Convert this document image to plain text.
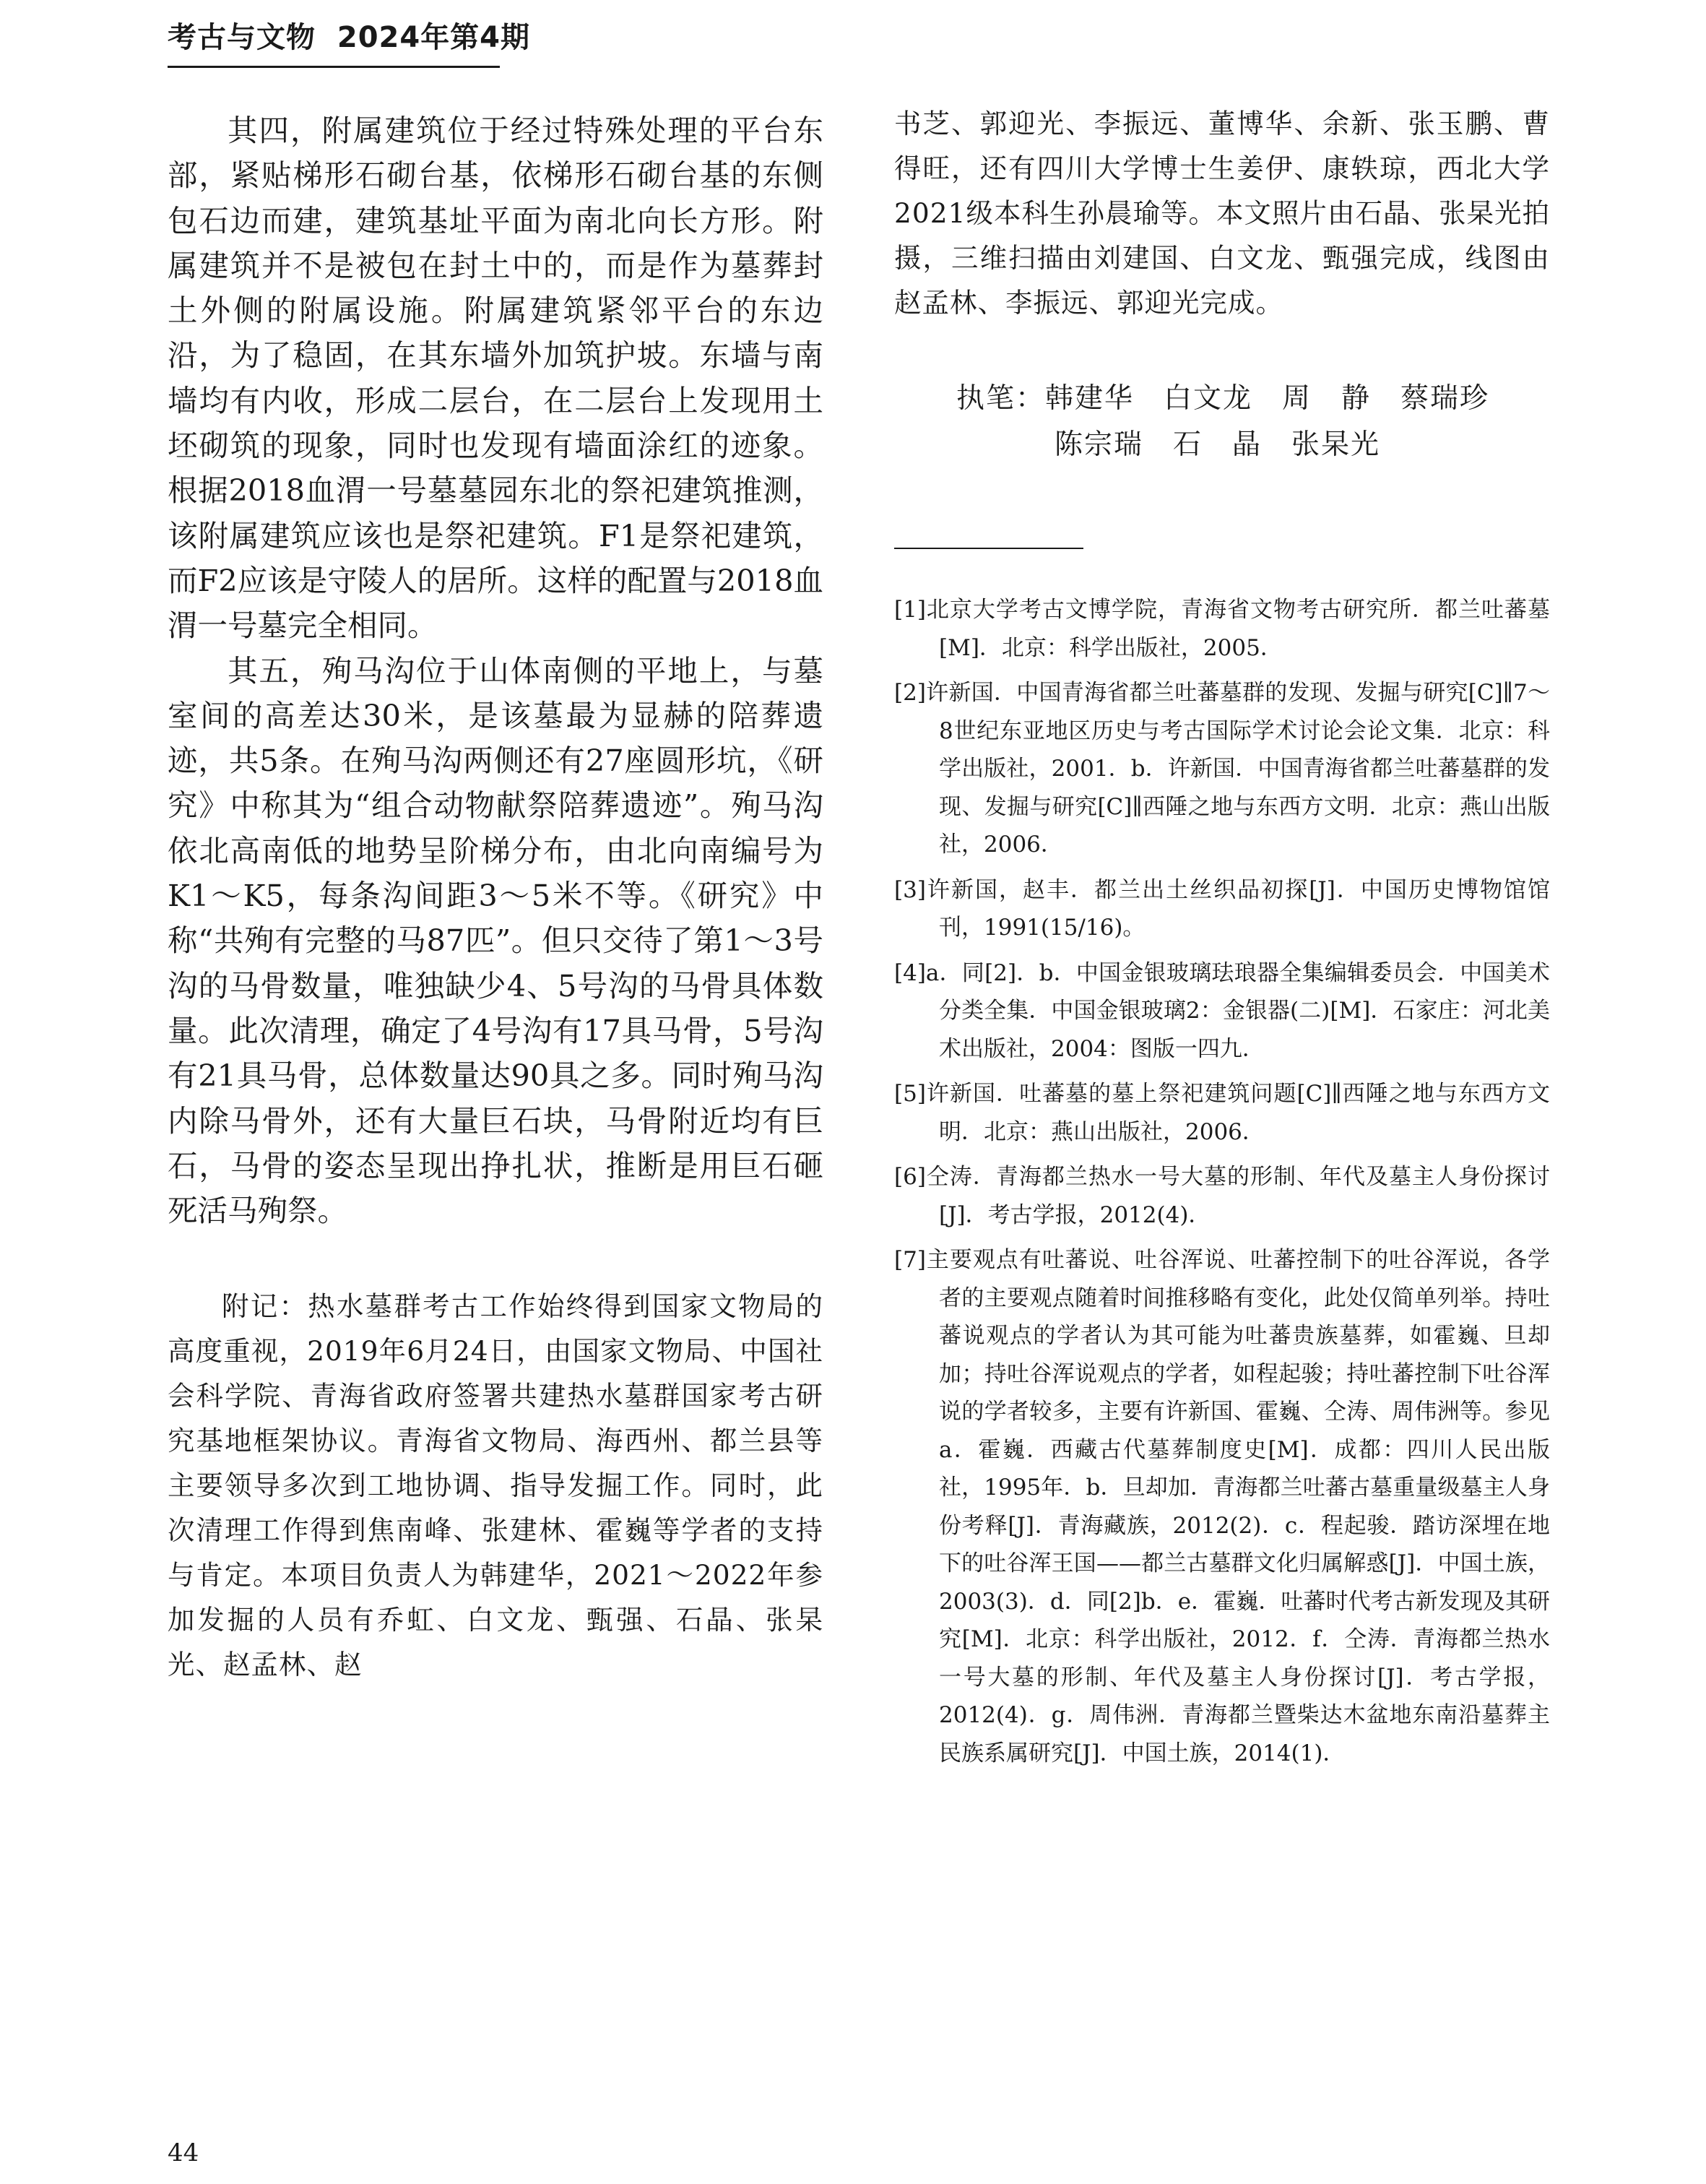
考古与文物 2024年第4期

其四，附属建筑位于经过特殊处理的平台东部，紧贴梯形石砌台基，依梯形石砌台基的东侧包石边而建，建筑基址平面为南北向长方形。附属建筑并不是被包在封土中的，而是作为墓葬封土外侧的附属设施。附属建筑紧邻平台的东边沿，为了稳固，在其东墙外加筑护坡。东墙与南墙均有内收，形成二层台，在二层台上发现用土坯砌筑的现象，同时也发现有墙面涂红的迹象。根据2018血渭一号墓墓园东北的祭祀建筑推测，该附属建筑应该也是祭祀建筑。F1是祭祀建筑，而F2应该是守陵人的居所。这样的配置与2018血渭一号墓完全相同。

其五，殉马沟位于山体南侧的平地上，与墓室间的高差达30米，是该墓最为显赫的陪葬遗迹，共5条。在殉马沟两侧还有27座圆形坑，《研究》中称其为“组合动物献祭陪葬遗迹”。殉马沟依北高南低的地势呈阶梯分布，由北向南编号为K1～K5，每条沟间距3～5米不等。《研究》中称“共殉有完整的马87匹”。但只交待了第1～3号沟的马骨数量，唯独缺少4、5号沟的马骨具体数量。此次清理，确定了4号沟有17具马骨，5号沟有21具马骨，总体数量达90具之多。同时殉马沟内除马骨外，还有大量巨石块，马骨附近均有巨石，马骨的姿态呈现出挣扎状，推断是用巨石砸死活马殉祭。

附记：热水墓群考古工作始终得到国家文物局的高度重视，2019年6月24日，由国家文物局、中国社会科学院、青海省政府签署共建热水墓群国家考古研究基地框架协议。青海省文物局、海西州、都兰县等主要领导多次到工地协调、指导发掘工作。同时，此次清理工作得到焦南峰、张建林、霍巍等学者的支持与肯定。本项目负责人为韩建华，2021～2022年参加发掘的人员有乔虹、白文龙、甄强、石晶、张杲光、赵孟林、赵

书芝、郭迎光、李振远、董博华、余新、张玉鹏、曹得旺，还有四川大学博士生姜伊、康轶琼，西北大学2021级本科生孙晨瑜等。本文照片由石晶、张杲光拍摄，三维扫描由刘建国、白文龙、甄强完成，线图由赵孟林、李振远、郭迎光完成。

执笔：韩建华　白文龙　周　静　蔡瑞珍
陈宗瑞　石　晶　张杲光

[1]北京大学考古文博学院，青海省文物考古研究所．都兰吐蕃墓[M]．北京：科学出版社，2005．

[2]许新国．中国青海省都兰吐蕃墓群的发现、发掘与研究[C]∥7～8世纪东亚地区历史与考古国际学术讨论会论文集．北京：科学出版社，2001．b．许新国．中国青海省都兰吐蕃墓群的发现、发掘与研究[C]∥西陲之地与东西方文明．北京：燕山出版社，2006．

[3]许新国，赵丰．都兰出土丝织品初探[J]．中国历史博物馆馆刊，1991(15/16)。

[4]a．同[2]．b．中国金银玻璃珐琅器全集编辑委员会．中国美术分类全集．中国金银玻璃2：金银器(二)[M]．石家庄：河北美术出版社，2004：图版一四九．

[5]许新国．吐蕃墓的墓上祭祀建筑问题[C]∥西陲之地与东西方文明．北京：燕山出版社，2006．

[6]仝涛．青海都兰热水一号大墓的形制、年代及墓主人身份探讨[J]．考古学报，2012(4)．

[7]主要观点有吐蕃说、吐谷浑说、吐蕃控制下的吐谷浑说，各学者的主要观点随着时间推移略有变化，此处仅简单列举。持吐蕃说观点的学者认为其可能为吐蕃贵族墓葬，如霍巍、旦却加；持吐谷浑说观点的学者，如程起骏；持吐蕃控制下吐谷浑说的学者较多，主要有许新国、霍巍、仝涛、周伟洲等。参见a．霍巍．西藏古代墓葬制度史[M]．成都：四川人民出版社，1995年．b．旦却加．青海都兰吐蕃古墓重量级墓主人身份考释[J]．青海藏族，2012(2)．c．程起骏．踏访深埋在地下的吐谷浑王国——都兰古墓群文化归属解惑[J]．中国土族，2003(3)．d．同[2]b．e．霍巍．吐蕃时代考古新发现及其研究[M]．北京：科学出版社，2012．f．仝涛．青海都兰热水一号大墓的形制、年代及墓主人身份探讨[J]．考古学报，2012(4)．g．周伟洲．青海都兰暨柴达木盆地东南沿墓葬主民族系属研究[J]．中国土族，2014(1)．

44
